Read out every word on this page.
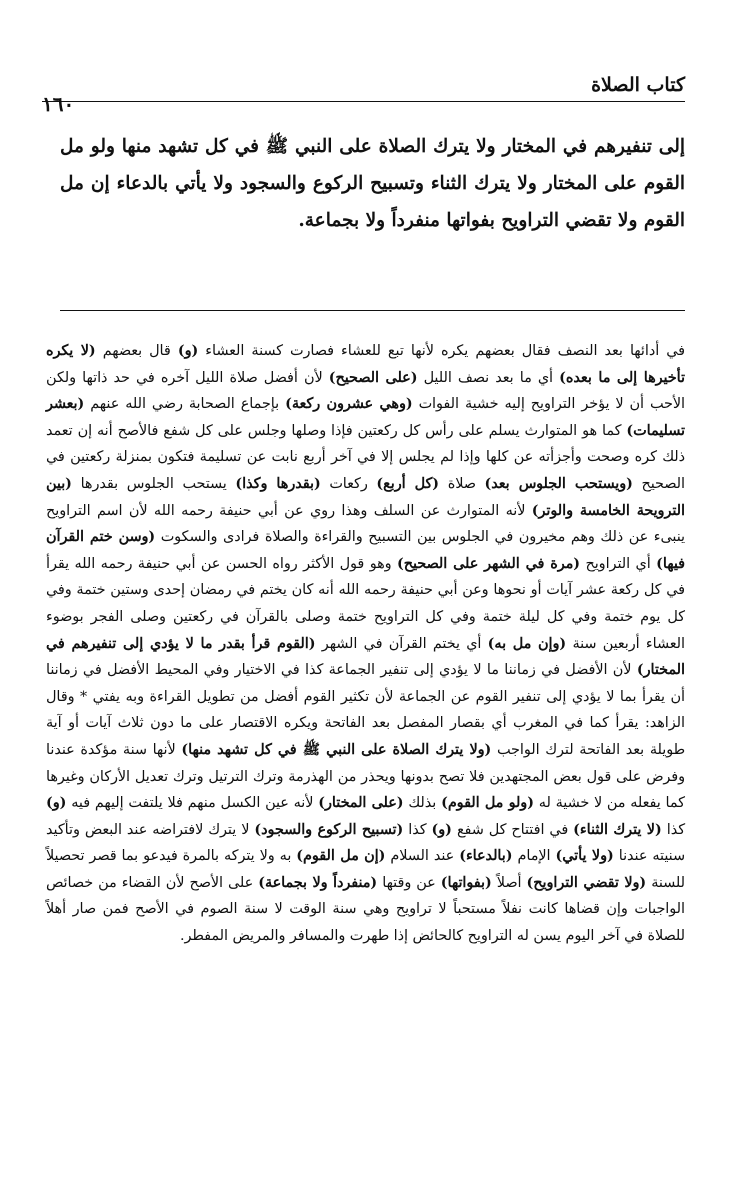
كتاب الصلاة
١٦٠
إلى تنفيرهم في المختار ولا يترك الصلاة على النبي ﷺ في كل تشهد منها ولو مل القوم على المختار ولا يترك الثناء وتسبيح الركوع والسجود ولا يأتي بالدعاء إن مل القوم ولا تقضي التراويح بفواتها منفرداً ولا بجماعة.
في أدائها بعد النصف فقال بعضهم يكره لأنها تبع للعشاء فصارت كسنة العشاء (و) قال بعضهم (لا يكره تأخيرها إلى ما بعده) أي ما بعد نصف الليل (على الصحيح) لأن أفضل صلاة الليل آخره في حد ذاتها ولكن الأحب أن لا يؤخر التراويح إليه خشية الفوات (وهي عشرون ركعة) بإجماع الصحابة رضي الله عنهم (بعشر تسليمات) كما هو المتوارث يسلم على رأس كل ركعتين فإذا وصلها وجلس على كل شفع فالأصح أنه إن تعمد ذلك كره وصحت وأجزأته عن كلها وإذا لم يجلس إلا في آخر أربع نابت عن تسليمة فتكون بمنزلة ركعتين في الصحيح (ويستحب الجلوس بعد) صلاة (كل أربع) ركعات (بقدرها وكذا) يستحب الجلوس بقدرها (بين الترويحة الخامسة والوتر) لأنه المتوارث عن السلف وهذا روي عن أبي حنيفة رحمه الله لأن اسم التراويح ينبىء عن ذلك وهم مخيرون في الجلوس بين التسبيح والقراءة والصلاة فرادى والسكوت (وسن ختم القرآن فيها) أي التراويح (مرة في الشهر على الصحيح) وهو قول الأكثر رواه الحسن عن أبي حنيفة رحمه الله يقرأ في كل ركعة عشر آيات أو نحوها وعن أبي حنيفة رحمه الله أنه كان يختم في رمضان إحدى وستين ختمة وفي كل يوم ختمة وفي كل ليلة ختمة وفي كل التراويح ختمة وصلى بالقرآن في ركعتين وصلى الفجر بوضوء العشاء أربعين سنة (وإن مل به) أي يختم القرآن في الشهر (القوم قرأ بقدر ما لا يؤدي إلى تنفيرهم في المختار) لأن الأفضل في زماننا ما لا يؤدي إلى تنفير الجماعة كذا في الاختيار وفي المحيط الأفضل في زماننا أن يقرأ بما لا يؤدي إلى تنفير القوم عن الجماعة لأن تكثير القوم أفضل من تطويل القراءة وبه يفتي * وقال الزاهد: يقرأ كما في المغرب أي بقصار المفصل بعد الفاتحة ويكره الاقتصار على ما دون ثلاث آيات أو آية طويلة بعد الفاتحة لترك الواجب (ولا يترك الصلاة على النبي ﷺ في كل تشهد منها) لأنها سنة مؤكدة عندنا وفرض على قول بعض المجتهدين فلا تصح بدونها ويحذر من الهذرمة وترك الترتيل وترك تعديل الأركان وغيرها كما يفعله من لا خشية له (ولو مل القوم) بذلك (على المختار) لأنه عين الكسل منهم فلا يلتفت إليهم فيه (و) كذا (لا يترك الثناء) في افتتاح كل شفع (و) كذا (تسبيح الركوع والسجود) لا يترك لافتراضه عند البعض وتأكيد سنيته عندنا (ولا يأتي) الإمام (بالدعاء) عند السلام (إن مل القوم) به ولا يتركه بالمرة فيدعو بما قصر تحصيلاً للسنة (ولا تقضي التراويح) أصلاً (بفواتها) عن وقتها (منفرداً ولا بجماعة) على الأصح لأن القضاء من خصائص الواجبات وإن قضاها كانت نفلاً مستحباً لا تراويح وهي سنة الوقت لا سنة الصوم في الأصح فمن صار أهلاً للصلاة في آخر اليوم يسن له التراويح كالحائض إذا طهرت والمسافر والمريض المفطر.
